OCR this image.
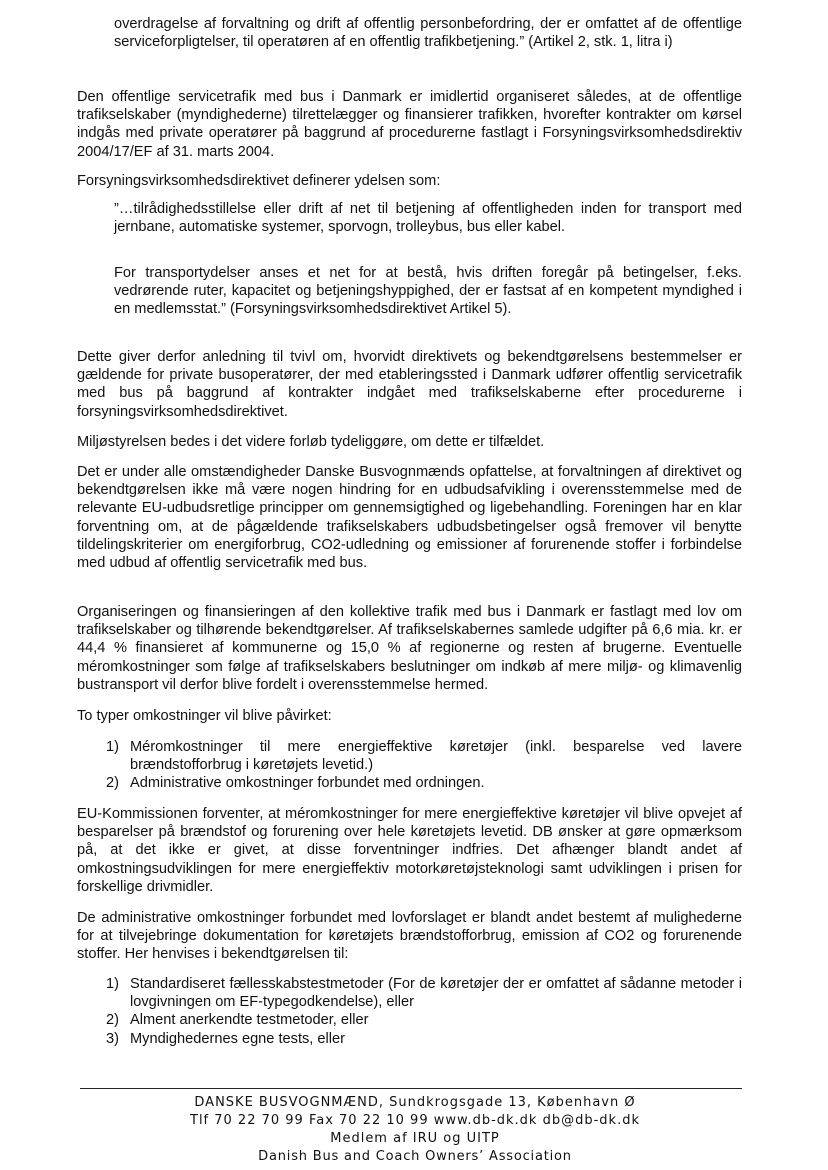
overdragelse af forvaltning og drift af offentlig personbefordring, der er omfattet af de offentlige serviceforpligtelser, til operatøren af en offentlig trafikbetjening.” (Artikel 2, stk. 1, litra i)

Den offentlige servicetrafik med bus i Danmark er imidlertid organiseret således, at de offentlige trafikselskaber (myndighederne) tilrettelægger og finansierer trafikken, hvorefter kontrakter om kørsel indgås med private operatører på baggrund af procedurerne fastlagt i Forsyningsvirksomhedsdirektiv 2004/17/EF af 31. marts 2004.

Forsyningsvirksomhedsdirektivet definerer ydelsen som:

”…tilrådighedsstillelse eller drift af net til betjening af offentligheden inden for transport med jernbane, automatiske systemer, sporvogn, trolleybus, bus eller kabel.

For transportydelser anses et net for at bestå, hvis driften foregår på betingelser, f.eks. vedrørende ruter, kapacitet og betjeningshyppighed, der er fastsat af en kompetent myndighed i en medlemsstat.” (Forsyningsvirksomhedsdirektivet Artikel 5).

Dette giver derfor anledning til tvivl om, hvorvidt direktivets og bekendtgørelsens bestemmelser er gældende for private busoperatører, der med etableringssted i Danmark udfører offentlig servicetrafik med bus på baggrund af kontrakter indgået med trafikselskaberne efter procedurerne i forsyningsvirksomhedsdirektivet.

Miljøstyrelsen bedes i det videre forløb tydeliggøre, om dette er tilfældet.

Det er under alle omstændigheder Danske Busvognmænds opfattelse, at forvaltningen af direktivet og bekendtgørelsen ikke må være nogen hindring for en udbudsafvikling i overensstemmelse med de relevante EU-udbudsretlige principper om gennemsigtighed og ligebehandling. Foreningen har en klar forventning om, at de pågældende trafikselskabers udbudsbetingelser også fremover vil benytte tildelingskriterier om energiforbrug, CO2-udledning og emissioner af forurenende stoffer i forbindelse med udbud af offentlig servicetrafik med bus.

Organiseringen og finansieringen af den kollektive trafik med bus i Danmark er fastlagt med lov om trafikselskaber og tilhørende bekendtgørelser. Af trafikselskabernes samlede udgifter på 6,6 mia. kr. er 44,4 % finansieret af kommunerne og 15,0 % af regionerne og resten af brugerne. Eventuelle méromkostninger som følge af trafikselskabers beslutninger om indkøb af mere miljø- og klimavenlig bustransport vil derfor blive fordelt i overensstemmelse hermed.

To typer omkostninger vil blive påvirket:

1) Méromkostninger til mere energieffektive køretøjer (inkl. besparelse ved lavere brændstofforbrug i køretøjets levetid.)
2) Administrative omkostninger forbundet med ordningen.

EU-Kommissionen forventer, at méromkostninger for mere energieffektive køretøjer vil blive opvejet af besparelser på brændstof og forurening over hele køretøjets levetid. DB ønsker at gøre opmærksom på, at det ikke er givet, at disse forventninger indfries. Det afhænger blandt andet af omkostningsudviklingen for mere energieffektiv motorkøretøjsteknologi samt udviklingen i prisen for forskellige drivmidler.

De administrative omkostninger forbundet med lovforslaget er blandt andet bestemt af mulighederne for at tilvejebringe dokumentation for køretøjets brændstofforbrug, emission af CO2 og forurenende stoffer. Her henvises i bekendtgørelsen til:

1) Standardiseret fællesskabstestmetoder (For de køretøjer der er omfattet af sådanne metoder i lovgivningen om EF-typegodkendelse), eller
2) Alment anerkendte testmetoder, eller
3) Myndighedernes egne tests, eller
DANSKE BUSVOGNMÆND, Sundkrogsgade 13, København Ø
Tlf 70 22 70 99 Fax 70 22 10 99 www.db-dk.dk db@db-dk.dk
Medlem af IRU og UITP
Danish Bus and Coach Owners’ Association
